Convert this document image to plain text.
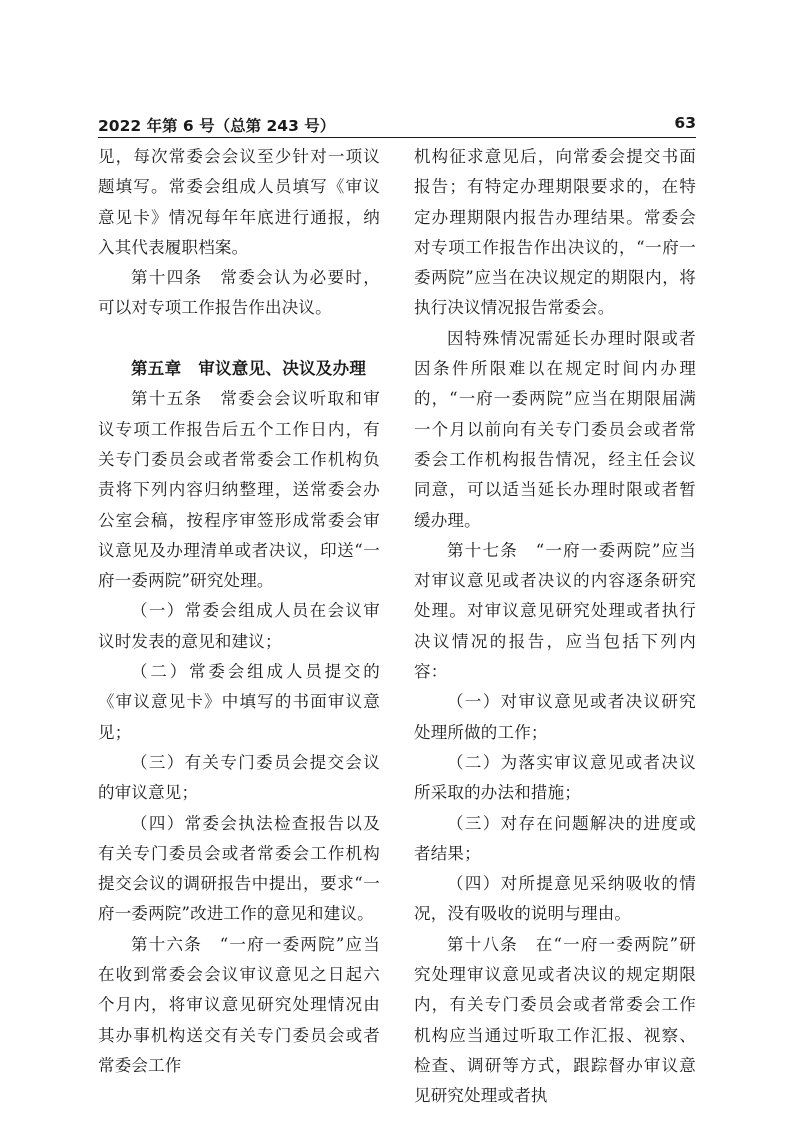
2022 年第 6 号（总第 243 号）	63

见，每次常委会会议至少针对一项议题填写。常委会组成人员填写《审议意见卡》情况每年年底进行通报，纳入其代表履职档案。

第十四条　常委会认为必要时，可以对专项工作报告作出决议。

第五章　审议意见、决议及办理

第十五条　常委会会议听取和审议专项工作报告后五个工作日内，有关专门委员会或者常委会工作机构负责将下列内容归纳整理，送常委会办公室会稿，按程序审签形成常委会审议意见及办理清单或者决议，印送“一府一委两院”研究处理。

（一）常委会组成人员在会议审议时发表的意见和建议；

（二）常委会组成人员提交的《审议意见卡》中填写的书面审议意见；

（三）有关专门委员会提交会议的审议意见；

（四）常委会执法检查报告以及有关专门委员会或者常委会工作机构提交会议的调研报告中提出，要求“一府一委两院”改进工作的意见和建议。

第十六条　“一府一委两院”应当在收到常委会会议审议意见之日起六个月内，将审议意见研究处理情况由其办事机构送交有关专门委员会或者常委会工作

机构征求意见后，向常委会提交书面报告；有特定办理期限要求的，在特定办理期限内报告办理结果。常委会对专项工作报告作出决议的，“一府一委两院”应当在决议规定的期限内，将执行决议情况报告常委会。

因特殊情况需延长办理时限或者因条件所限难以在规定时间内办理的，“一府一委两院”应当在期限届满一个月以前向有关专门委员会或者常委会工作机构报告情况，经主任会议同意，可以适当延长办理时限或者暂缓办理。

第十七条　“一府一委两院”应当对审议意见或者决议的内容逐条研究处理。对审议意见研究处理或者执行决议情况的报告，应当包括下列内容：

（一）对审议意见或者决议研究处理所做的工作；

（二）为落实审议意见或者决议所采取的办法和措施；

（三）对存在问题解决的进度或者结果；

（四）对所提意见采纳吸收的情况，没有吸收的说明与理由。

第十八条　在“一府一委两院”研究处理审议意见或者决议的规定期限内，有关专门委员会或者常委会工作机构应当通过听取工作汇报、视察、检查、调研等方式，跟踪督办审议意见研究处理或者执
